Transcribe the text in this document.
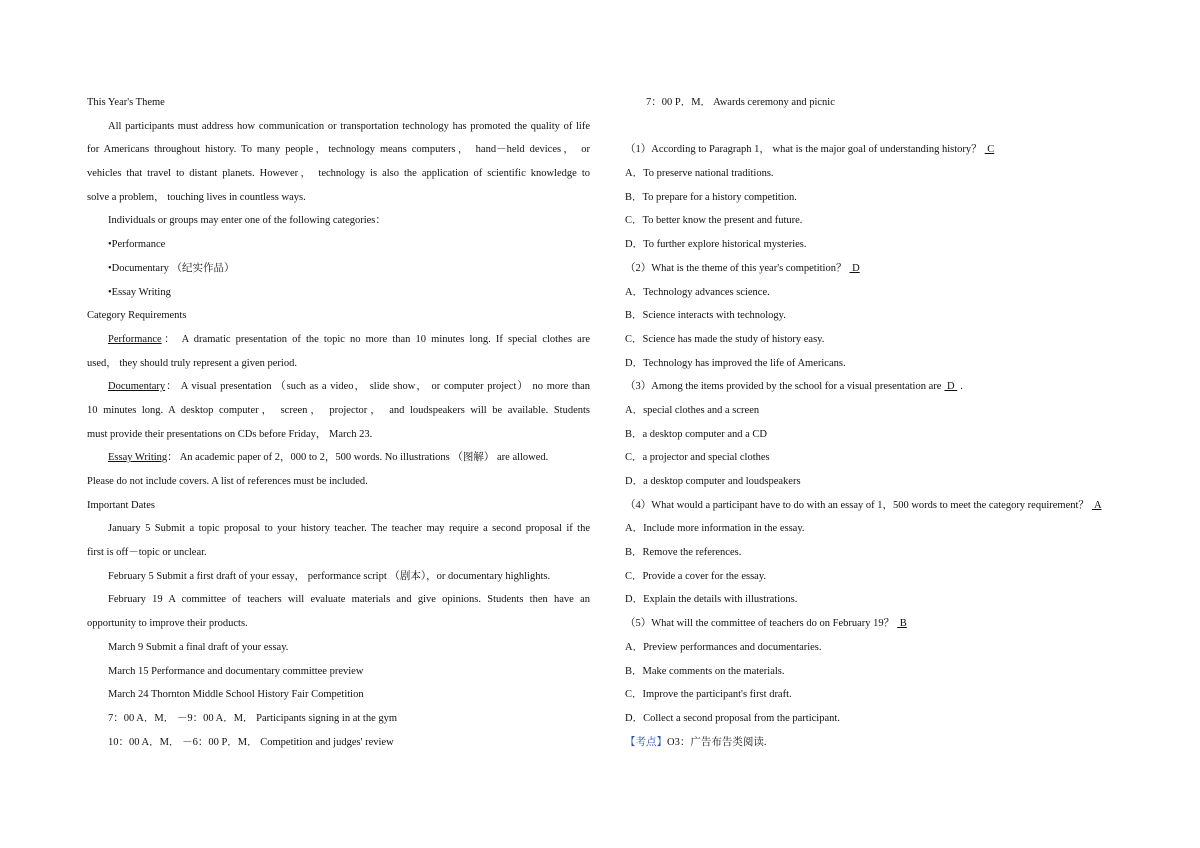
This Year's Theme
All participants must address how communication or transportation technology has promoted the quality of life
for Americans throughout history. To many people，technology means computers， hand－held devices， or
vehicles that travel to distant planets. However， technology is also the application of scientific knowledge to
solve a problem， touching lives in countless ways.
Individuals or groups may enter one of the following categories：
•Performance
•Documentary （纪实作品）
•Essay Writing
Category Requirements
Performance： A dramatic presentation of the topic no more than 10 minutes long. If special clothes are
used， they should truly represent a given period.
Documentary： A visual presentation （such as a video， slide show， or computer project） no more than
10 minutes long. A desktop computer， screen， projector， and loudspeakers will be available. Students
must provide their presentations on CDs before Friday， March 23.
Essay Writing： An academic paper of 2，000 to 2，500 words. No illustrations （图解） are allowed.
Please do not include covers. A list of references must be included.
Important Dates
January 5 Submit a topic proposal to your history teacher. The teacher may require a second proposal if the
first is off－topic or unclear.
February 5 Submit a first draft of your essay， performance script （剧本），or documentary highlights.
February 19 A committee of teachers will evaluate materials and give opinions. Students then have an
opportunity to improve their products.
March 9 Submit a final draft of your essay.
March 15 Performance and documentary committee preview
March 24 Thornton Middle School History Fair Competition
7：00 A．M． －9：00 A．M． Participants signing in at the gym
10：00 A．M． －6：00 P．M． Competition and judges' review
7：00 P．M． Awards ceremony and picnic
（1）According to Paragraph 1， what is the major goal of understanding history？ C
A．To preserve national traditions.
B．To prepare for a history competition.
C．To better know the present and future.
D．To further explore historical mysteries.
（2）What is the theme of this year's competition？ D
A．Technology advances science.
B．Science interacts with technology.
C．Science has made the study of history easy.
D．Technology has improved the life of Americans.
（3）Among the items provided by the school for a visual presentation are D .
A．special clothes and a screen
B．a desktop computer and a CD
C．a projector and special clothes
D．a desktop computer and loudspeakers
（4）What would a participant have to do with an essay of 1，500 words to meet the category requirement？ A
A．Include more information in the essay.
B．Remove the references.
C．Provide a cover for the essay.
D．Explain the details with illustrations.
（5）What will the committee of teachers do on February 19？ B
A．Preview performances and documentaries.
B．Make comments on the materials.
C．Improve the participant's first draft.
D．Collect a second proposal from the participant.
【考点】O3：广告布告类阅读.
